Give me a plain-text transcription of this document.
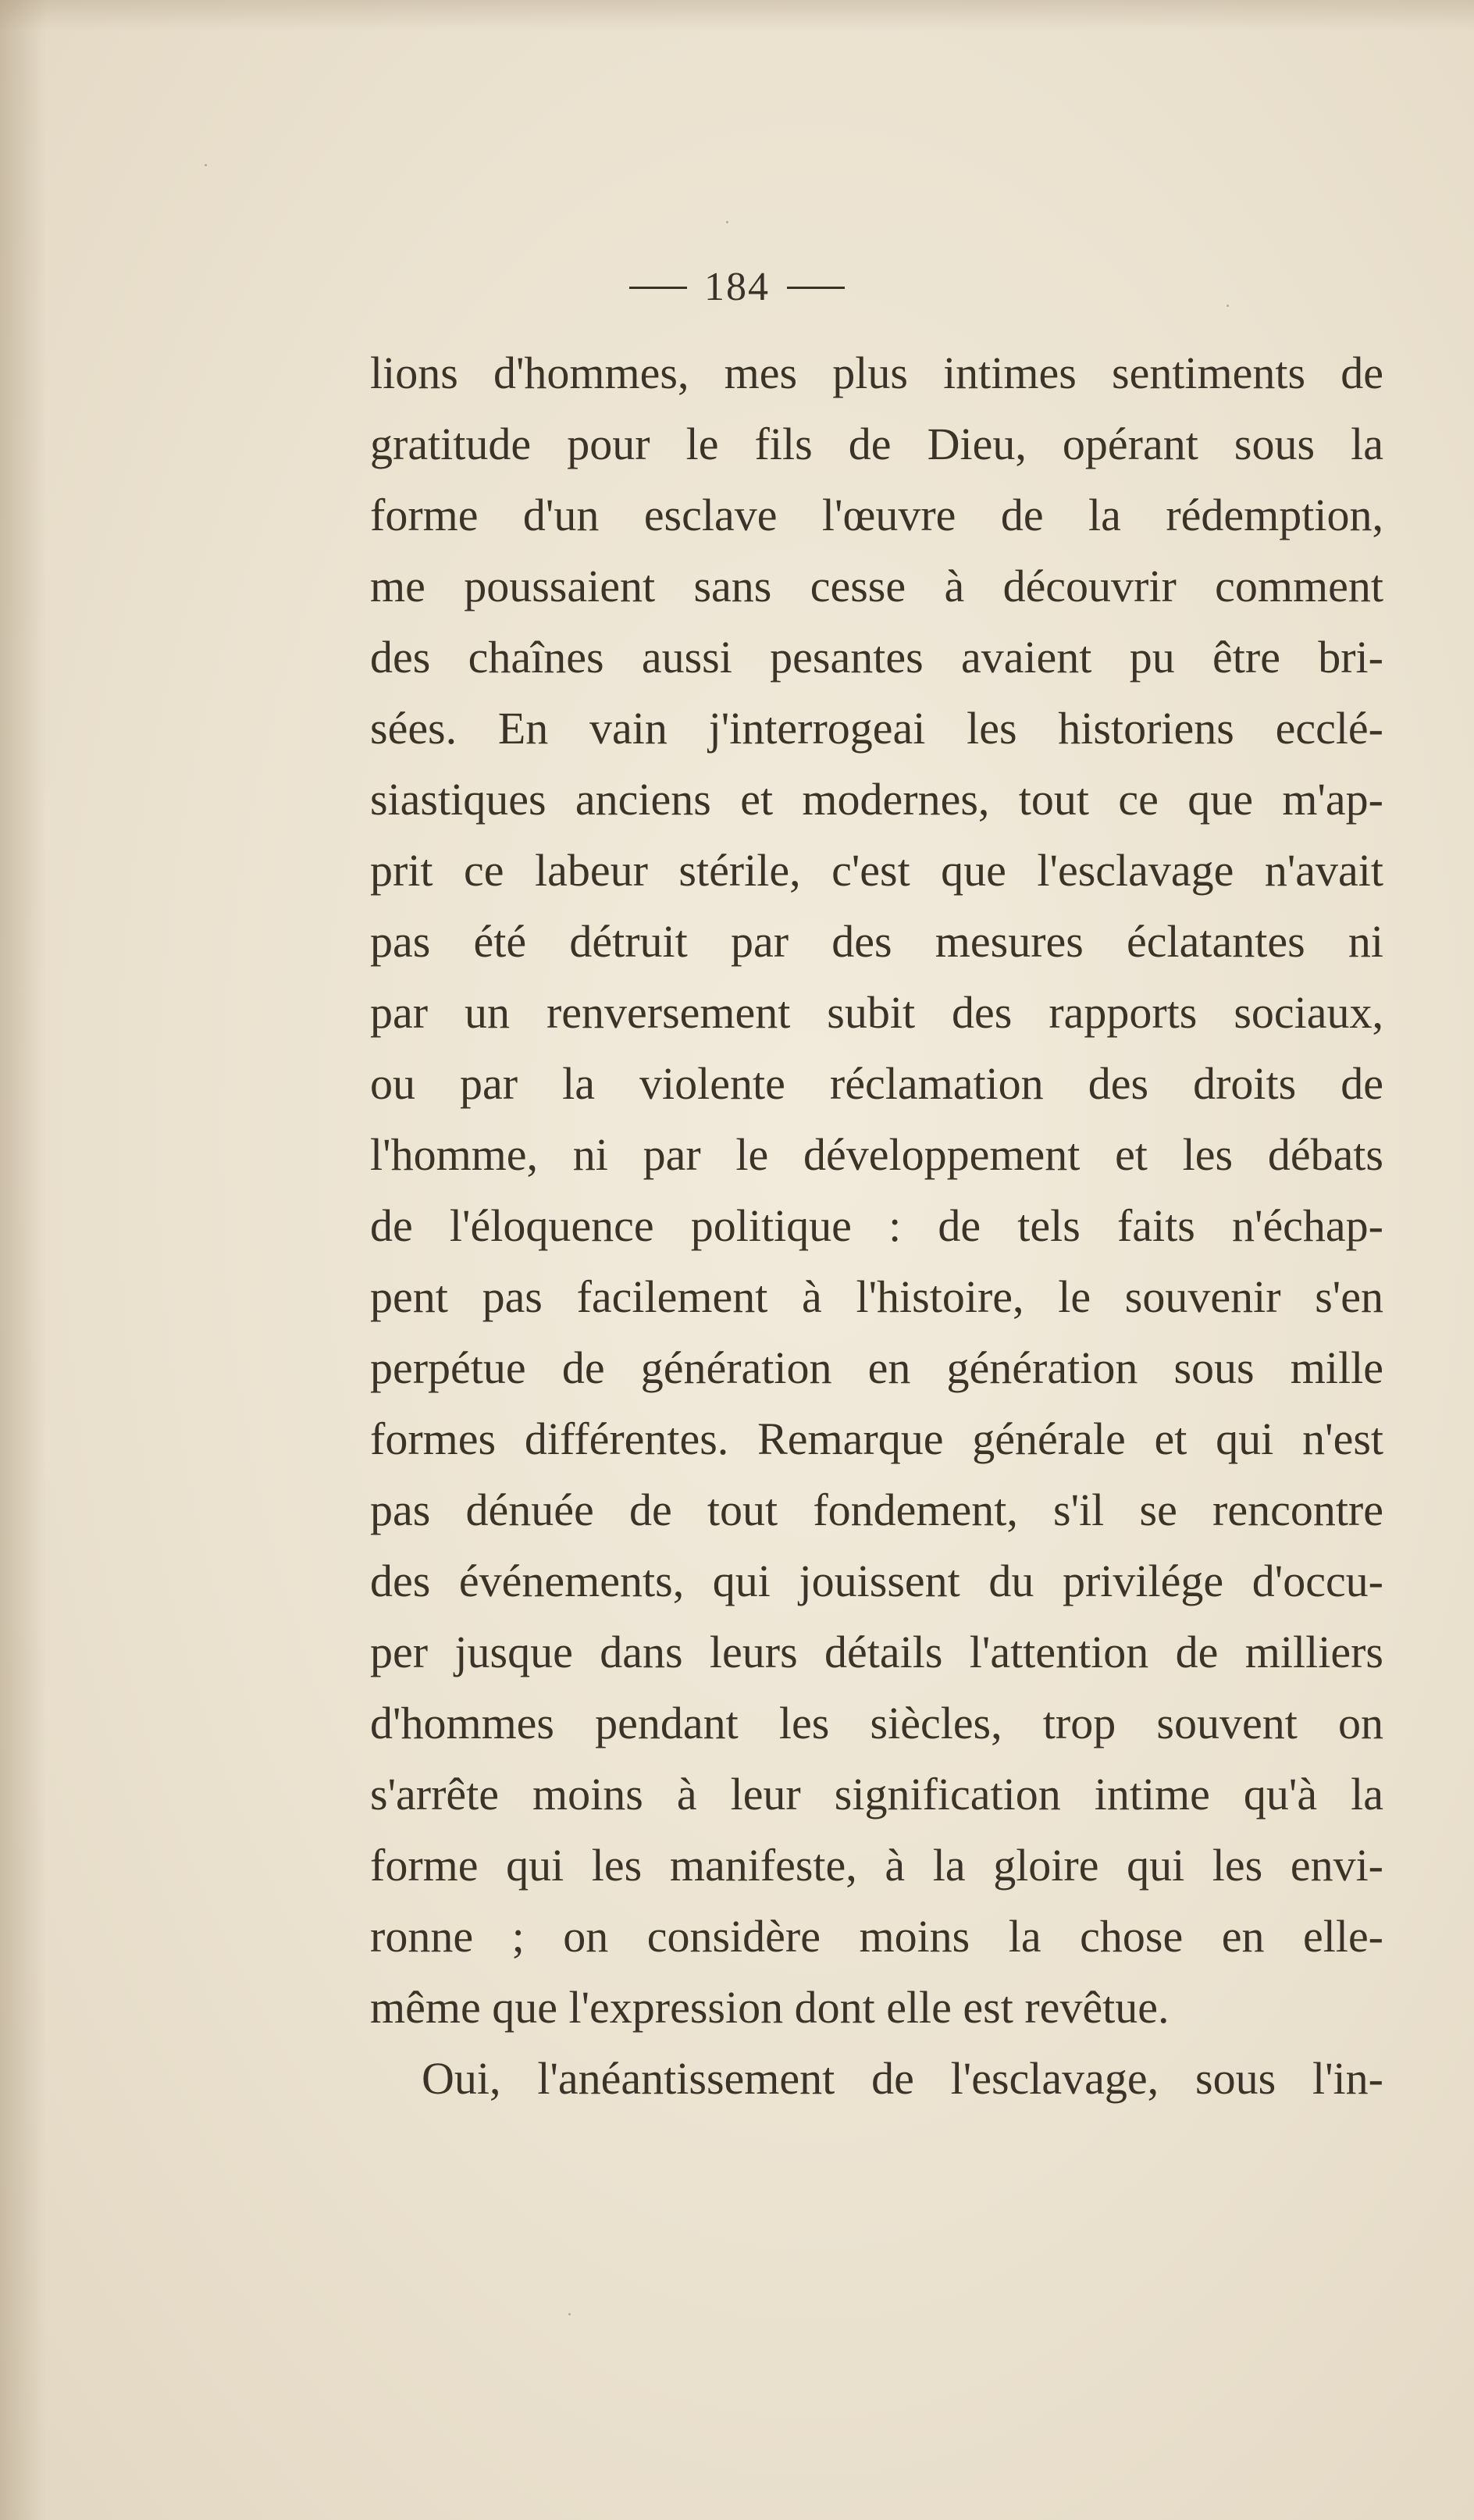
184
lions d'hommes, mes plus intimes sentiments de
gratitude pour le fils de Dieu, opérant sous la
forme d'un esclave l'œuvre de la rédemption,
me poussaient sans cesse à découvrir comment
des chaînes aussi pesantes avaient pu être bri-
sées. En vain j'interrogeai les historiens ecclé-
siastiques anciens et modernes, tout ce que m'ap-
prit ce labeur stérile, c'est que l'esclavage n'avait
pas été détruit par des mesures éclatantes ni
par un renversement subit des rapports sociaux,
ou par la violente réclamation des droits de
l'homme, ni par le développement et les débats
de l'éloquence politique : de tels faits n'échap-
pent pas facilement à l'histoire, le souvenir s'en
perpétue de génération en génération sous mille
formes différentes. Remarque générale et qui n'est
pas dénuée de tout fondement, s'il se rencontre
des événements, qui jouissent du privilége d'occu-
per jusque dans leurs détails l'attention de milliers
d'hommes pendant les siècles, trop souvent on
s'arrête moins à leur signification intime qu'à la
forme qui les manifeste, à la gloire qui les envi-
ronne ; on considère moins la chose en elle-
même que l'expression dont elle est revêtue.
Oui, l'anéantissement de l'esclavage, sous l'in-
